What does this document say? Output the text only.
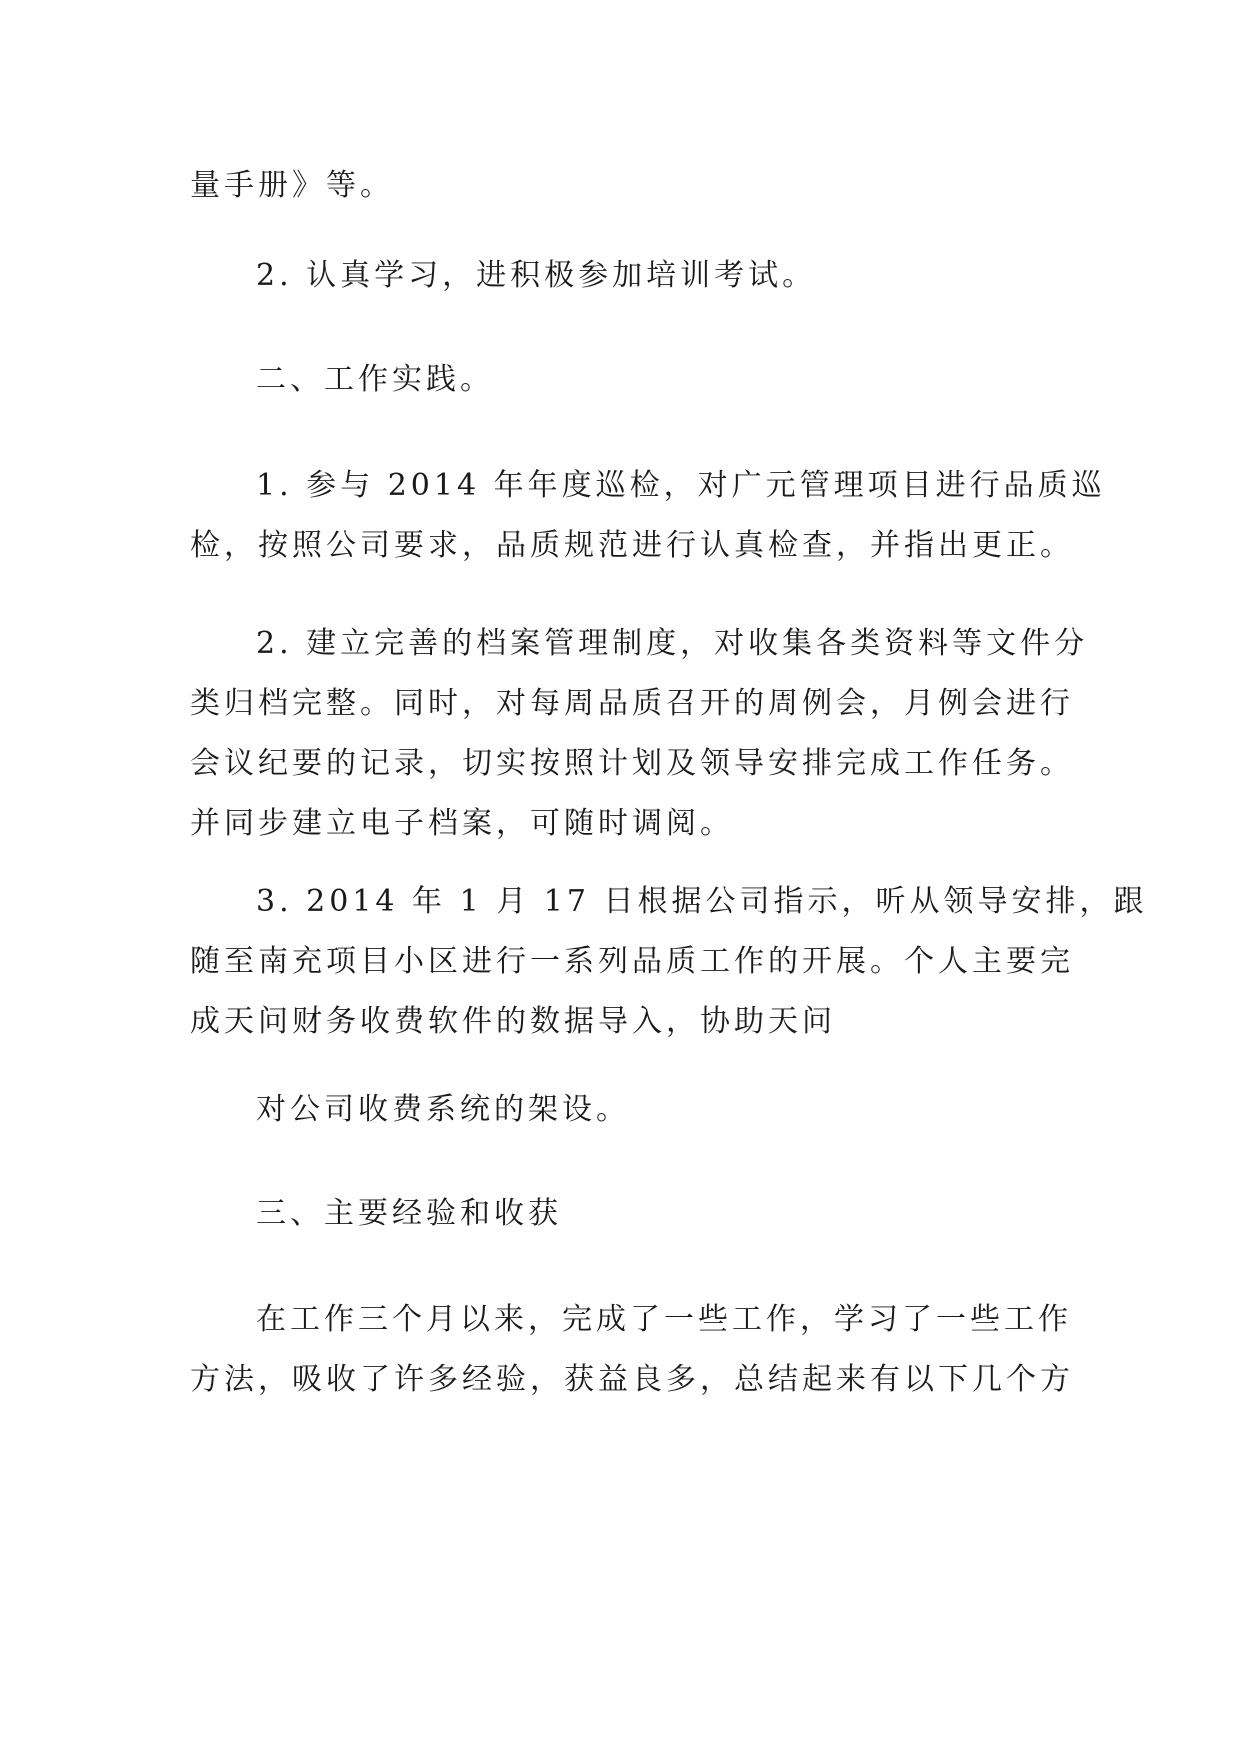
量手册》等。
2. 认真学习，进积极参加培训考试。
二、工作实践。
1. 参与 2014 年年度巡检，对广元管理项目进行品质巡
检，按照公司要求，品质规范进行认真检查，并指出更正。
2. 建立完善的档案管理制度，对收集各类资料等文件分
类归档完整。同时，对每周品质召开的周例会，月例会进行
会议纪要的记录，切实按照计划及领导安排完成工作任务。
并同步建立电子档案，可随时调阅。
3. 2014 年 1 月 17 日根据公司指示，听从领导安排，跟
随至南充项目小区进行一系列品质工作的开展。个人主要完
成天问财务收费软件的数据导入，协助天问
对公司收费系统的架设。
三、主要经验和收获
在工作三个月以来，完成了一些工作，学习了一些工作
方法，吸收了许多经验，获益良多，总结起来有以下几个方
